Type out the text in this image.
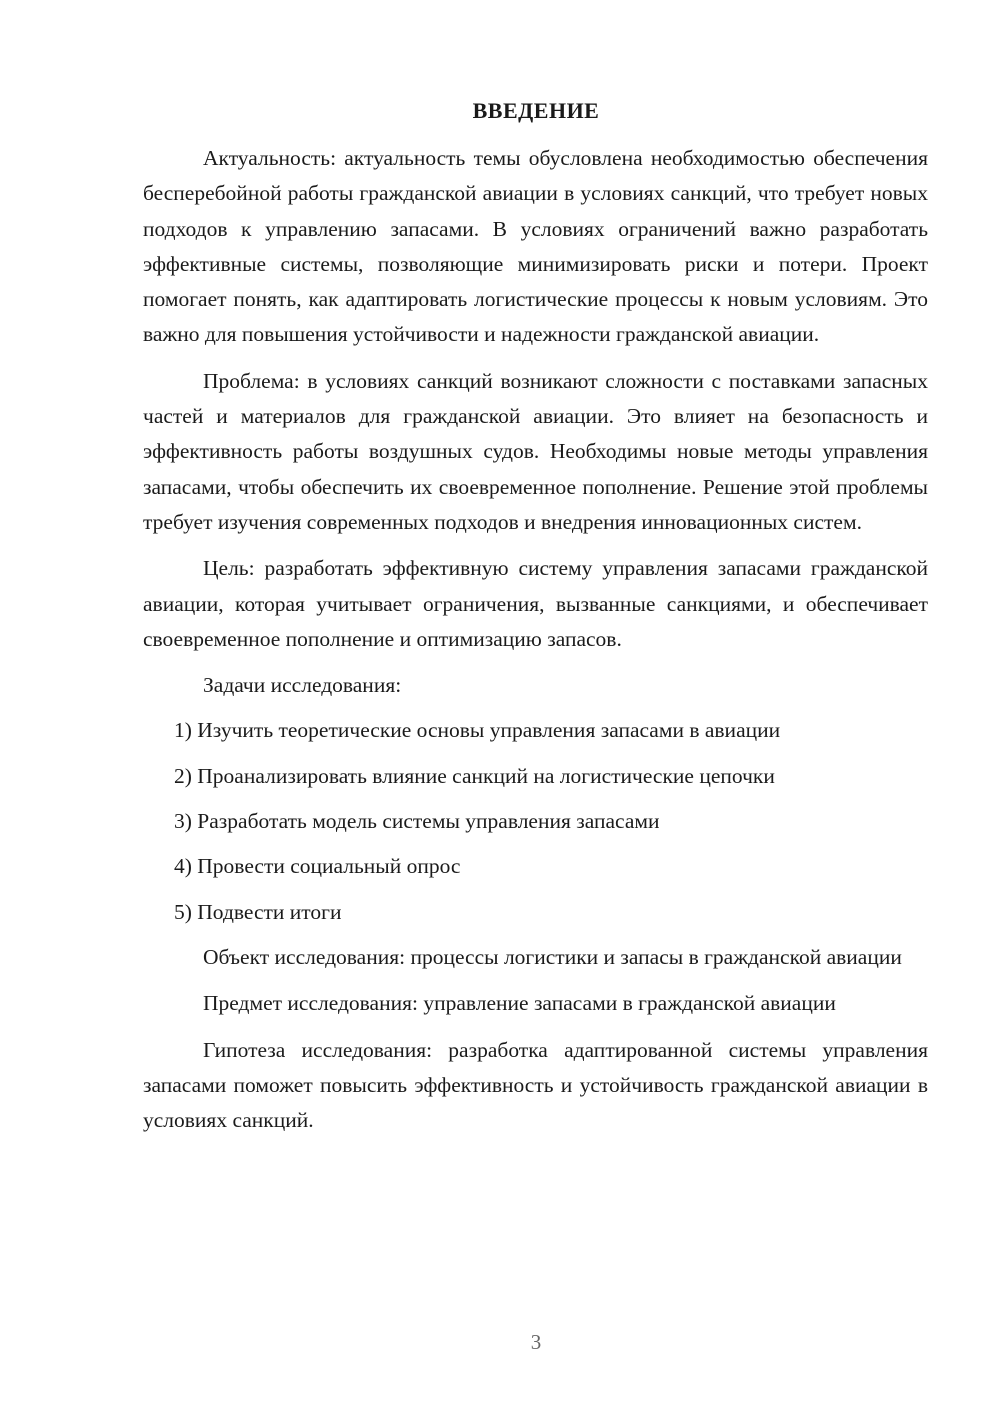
ВВЕДЕНИЕ

Актуальность: актуальность темы обусловлена необходимостью обеспечения бесперебойной работы гражданской авиации в условиях санкций, что требует новых подходов к управлению запасами. В условиях ограничений важно разработать эффективные системы, позволяющие минимизировать риски и потери. Проект помогает понять, как адаптировать логистические процессы к новым условиям. Это важно для повышения устойчивости и надежности гражданской авиации.

Проблема: в условиях санкций возникают сложности с поставками запасных частей и материалов для гражданской авиации. Это влияет на безопасность и эффективность работы воздушных судов. Необходимы новые методы управления запасами, чтобы обеспечить их своевременное пополнение. Решение этой проблемы требует изучения современных подходов и внедрения инновационных систем.

Цель: разработать эффективную систему управления запасами гражданской авиации, которая учитывает ограничения, вызванные санкциями, и обеспечивает своевременное пополнение и оптимизацию запасов.

Задачи исследования:

1) Изучить теоретические основы управления запасами в авиации
2) Проанализировать влияние санкций на логистические цепочки
3) Разработать модель системы управления запасами
4) Провести социальный опрос
5) Подвести итоги

Объект исследования: процессы логистики и запасы в гражданской авиации

Предмет исследования: управление запасами в гражданской авиации

Гипотеза исследования: разработка адаптированной системы управления запасами поможет повысить эффективность и устойчивость гражданской авиации в условиях санкций.

3
